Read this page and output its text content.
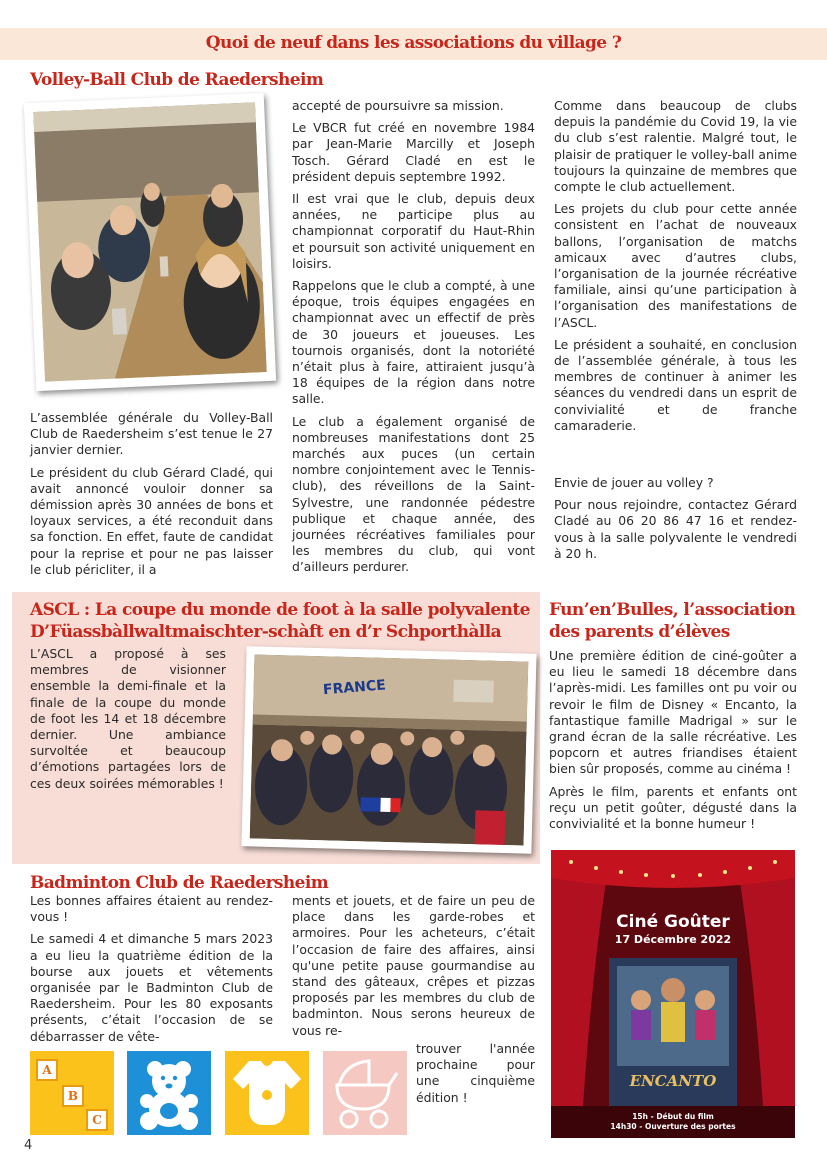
Quoi de neuf dans les associations du village ?
Volley-Ball Club de Raedersheim

L’assemblée générale du Volley-Ball Club de Raedersheim s’est tenue le 27 janvier dernier.

Le président du club Gérard Cladé, qui avait annoncé vouloir donner sa démission après 30 années de bons et loyaux services, a été reconduit dans sa fonction. En effet, faute de candidat pour la reprise et pour ne pas laisser le club péricliter, il a

accepté de poursuivre sa mission.

Le VBCR fut créé en novembre 1984 par Jean-Marie Marcilly et Joseph Tosch. Gérard Cladé en est le président depuis septembre 1992.

Il est vrai que le club, depuis deux années, ne participe plus au championnat corporatif du Haut-Rhin et poursuit son activité uniquement en loisirs.

Rappelons que le club a compté, à une époque, trois équipes engagées en championnat avec un effectif de près de 30 joueurs et joueuses. Les tournois organisés, dont la notoriété n’était plus à faire, attiraient jusqu’à 18 équipes de la région dans notre salle.

Le club a également organisé de nombreuses manifestations dont 25 marchés aux puces (un certain nombre conjointement avec le Tennis-club), des réveillons de la Saint-Sylvestre, une randonnée pédestre publique et chaque année, des journées récréatives familiales pour les membres du club, qui vont d’ailleurs perdurer.

Comme dans beaucoup de clubs depuis la pandémie du Covid 19, la vie du club s’est ralentie. Malgré tout, le plaisir de pratiquer le volley-ball anime toujours la quinzaine de membres que compte le club actuellement.

Les projets du club pour cette année consistent en l’achat de nouveaux ballons, l’organisation de matchs amicaux avec d’autres clubs, l’organisation de la journée récréative familiale, ainsi qu’une participation à l’organisation des manifestations de l’ASCL.

Le président a souhaité, en conclusion de l’assemblée générale, à tous les membres de continuer à animer les séances du vendredi dans un esprit de convivialité et de franche camaraderie.

Envie de jouer au volley ?

Pour nous rejoindre, contactez Gérard Cladé au 06 20 86 47 16 et rendez-vous à la salle polyvalente le vendredi à 20 h.

ASCL : La coupe du monde de foot à la salle polyvalente
D’Füassbàllwaltmaischter-schàft en d’r Schporthàlla
L’ASCL a proposé à ses membres de visionner ensemble la demi-finale et la finale de la coupe du monde de foot les 14 et 18 décembre dernier. Une ambiance survoltée et beaucoup d’émotions partagées lors de ces deux soirées mémorables !
FRANCE
Fun’en’Bulles, l’association
des parents d’élèves

Une première édition de ciné-goûter a eu lieu le samedi 18 décembre dans l’après-midi. Les familles ont pu voir ou revoir le film de Disney « Encanto, la fantastique famille Madrigal » sur le grand écran de la salle récréative. Les popcorn et autres friandises étaient bien sûr proposés, comme au cinéma !

Après le film, parents et enfants ont reçu un petit goûter, dégusté dans la convivialité et la bonne humeur !

Ciné Goûter
17 Décembre 2022
ENCANTO
15h - Début du film
14h30 - Ouverture des portes
Badminton Club de Raedersheim

Les bonnes affaires étaient au rendez-vous !

Le samedi 4 et dimanche 5 mars 2023 a eu lieu la quatrième édition de la bourse aux jouets et vêtements organisée par le Badminton Club de Raedersheim. Pour les 80 exposants présents, c’était l’occasion de se débarrasser de vête-

ments et jouets, et de faire un peu de place dans les garde-robes et armoires. Pour les acheteurs, c’était l’occasion de faire des affaires, ainsi qu'une petite pause gourmandise au stand des gâteaux, crêpes et pizzas proposés par les membres du club de badminton. Nous serons heureux de vous re-
trouver l'année prochaine pour une cinquième édition !
A
B
C
4
